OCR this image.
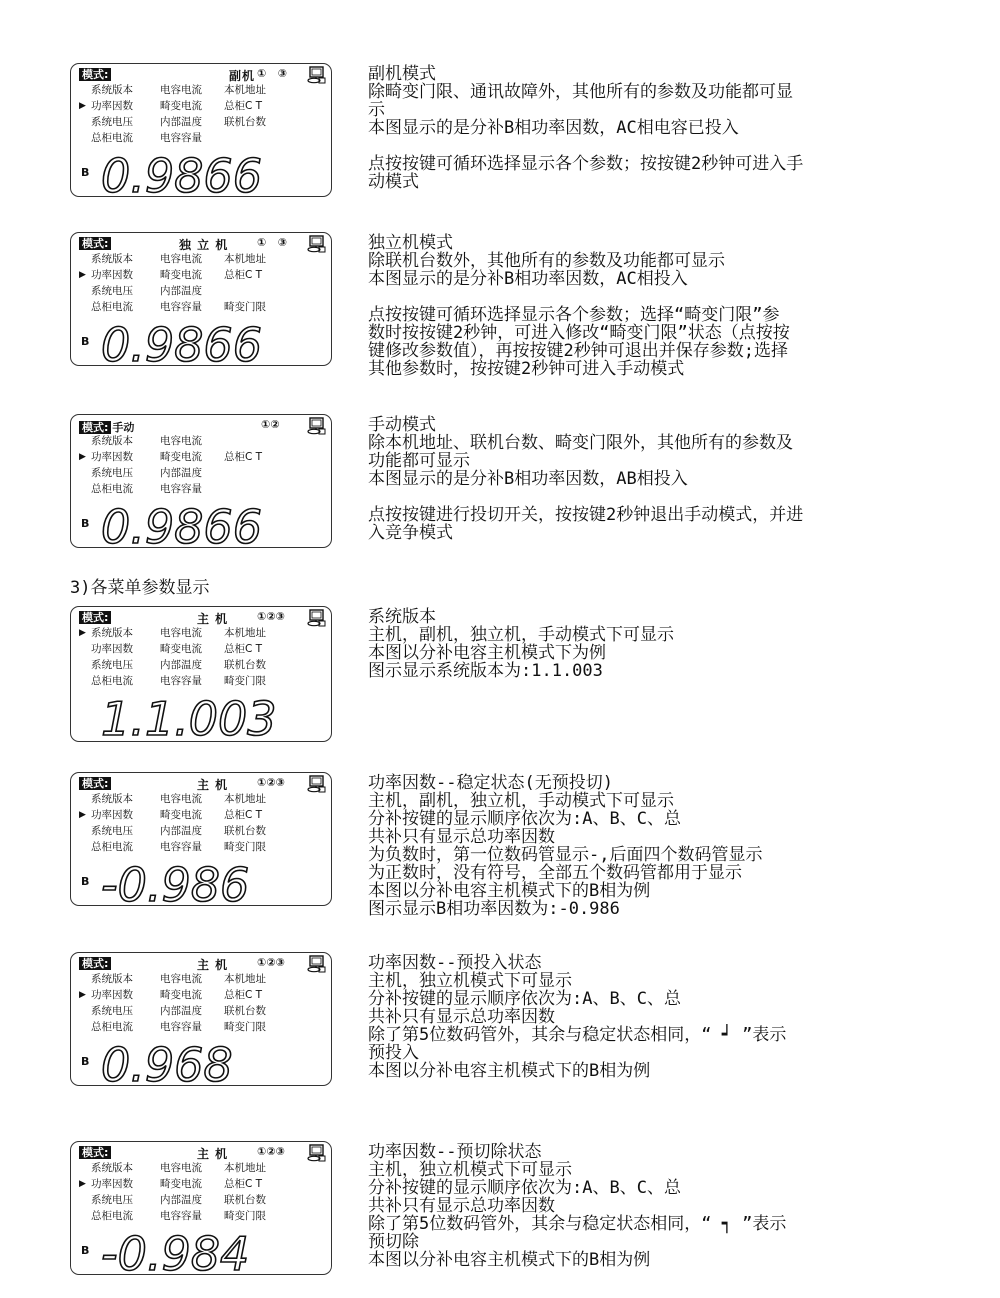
3)各菜单参数显示
模式:	副机 ①   ③
系统版本	电容电流 本机地址
▶ 功率因数	畸变电流 总柜C T
系统电压	内部温度 联机台数
总柜电流	电容容量
B 0.9866

副机模式

除畸变门限、通讯故障外，其他所有的参数及功能都可显

示

本图显示的是分补B相功率因数，AC相电容已投入

点按按键可循环选择显示各个参数；按按键2秒钟可进入手

动模式

模式:	独 立 机	①   ③
系统版本	电容电流 本机地址
▶ 功率因数	畸变电流 总柜C T
系统电压	内部温度
总柜电流	电容容量 畸变门限
B 0.9866

独立机模式

除联机台数外，其他所有的参数及功能都可显示

本图显示的是分补B相功率因数，AC相投入

点按按键可循环选择显示各个参数；选择“畸变门限”参

数时按按键2秒钟，可进入修改“畸变门限”状态（点按按

键修改参数值），再按按键2秒钟可退出并保存参数;选择

其他参数时，按按键2秒钟可进入手动模式

模式: 手动	①②
系统版本	电容电流
▶ 功率因数	畸变电流 总柜C T
系统电压	内部温度
总柜电流	电容容量
B 0.9866

手动模式

除本机地址、联机台数、畸变门限外，其他所有的参数及

功能都可显示

本图显示的是分补B相功率因数，AB相投入

点按按键进行投切开关，按按键2秒钟退出手动模式，并进

入竞争模式

模式:	主 机	①②③
系统版本	电容电流 本机地址
▶
功率因数	畸变电流 总柜C T
系统电压	内部温度 联机台数
总柜电流	电容容量 畸变门限
1.1.003

系统版本

主机，副机，独立机，手动模式下可显示

本图以分补电容主机模式下为例

图示显示系统版本为:1.1.003

模式:	主 机	①②③
系统版本	电容电流 本机地址
▶ 功率因数	畸变电流 总柜C T
系统电压	内部温度 联机台数
总柜电流	电容容量 畸变门限
B -0.986

功率因数--稳定状态(无预投切)

主机，副机，独立机，手动模式下可显示

分补按键的显示顺序依次为:A、B、C、总

共补只有显示总功率因数

为负数时，第一位数码管显示-,后面四个数码管显示

为正数时，没有符号，全部五个数码管都用于显示

本图以分补电容主机模式下的B相为例

图示显示B相功率因数为:-0.986

模式:	主 机	①②③
系统版本	电容电流 本机地址
▶ 功率因数	畸变电流 总柜C T
系统电压	内部温度 联机台数
总柜电流	电容容量 畸变门限
B 0.968

功率因数--预投入状态

主机，独立机模式下可显示

分补按键的显示顺序依次为:A、B、C、总

共补只有显示总功率因数

除了第5位数码管外，其余与稳定状态相同，“ ┙ ”表示

预投入

本图以分补电容主机模式下的B相为例

模式:	主 机	①②③
系统版本	电容电流 本机地址
▶ 功率因数	畸变电流 总柜C T
系统电压	内部温度 联机台数
总柜电流	电容容量 畸变门限
B -0.984

功率因数--预切除状态

主机，独立机模式下可显示

分补按键的显示顺序依次为:A、B、C、总

共补只有显示总功率因数

除了第5位数码管外，其余与稳定状态相同，“ ┑ ”表示

预切除

本图以分补电容主机模式下的B相为例
